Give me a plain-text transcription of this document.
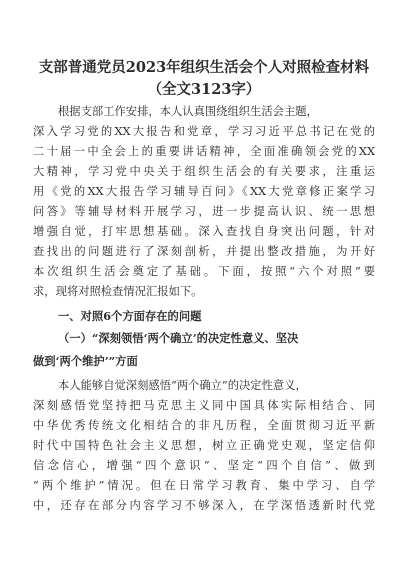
支部普通党员2023年组织生活会个人对照检查材料
（全文3123字）
根据支部工作安排，本人认真围绕组织生活会主题，
深入学习党的XX大报告和党章，学习习近平总书记在党的
二十届一中全会上的重要讲话精神，全面准确领会党的XX
大精神，学习党中央关于组织生活会的有关要求，注重运
用《党的XX大报告学习辅导百问》《XX大党章修正案学习
问答》等辅导材料开展学习，进一步提高认识、统一思想
增强自觉，打牢思想基础。深入查找自身突出问题，针对
查找出的问题进行了深刻剖析，并提出整改措施，为开好
本次组织生活会奠定了基础。下面，按照“六个对照”要
求，现将对照检查情况汇报如下。
一、对照6个方面存在的问题
（一）“深刻领悟‘两个确立’的决定性意义、坚决
做到‘两个维护’”方面
本人能够自觉深刻感悟“两个确立”的决定性意义，
深刻感悟党坚持把马克思主义同中国具体实际相结合、同
中华优秀传统文化相结合的非凡历程，全面贯彻习近平新
时代中国特色社会主义思想，树立正确党史观，坚定信仰
信念信心，增强“四个意识”、坚定“四个自信”、做到
“两个维护”情况。但在日常学习教育、集中学习、自学
中，还存在部分内容学习不够深入，在学深悟透新时代党
